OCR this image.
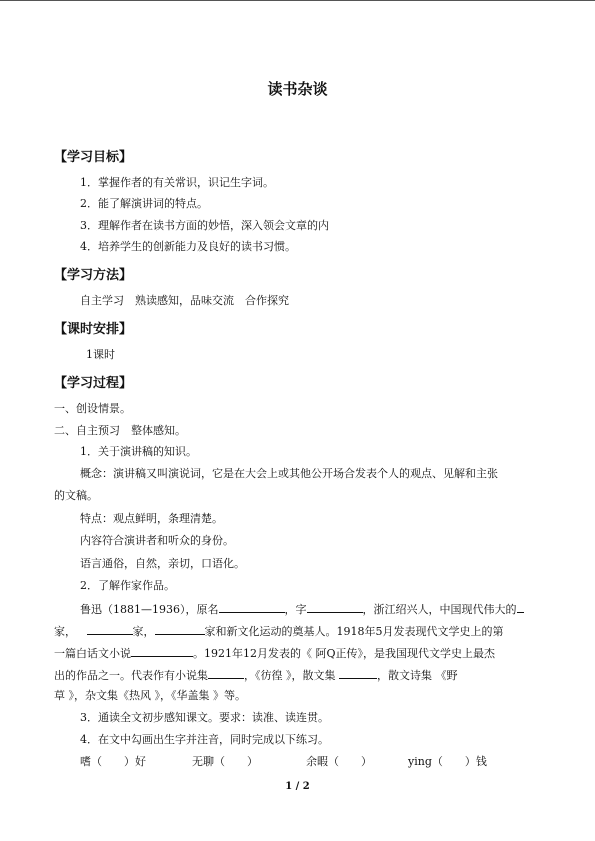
读书杂谈
【学习目标】
1．掌握作者的有关常识，识记生字词。
2．能了解演讲词的特点。
3．理解作者在读书方面的妙悟，深入领会文章的内
4．培养学生的创新能力及良好的读书习惯。
【学习方法】
自主学习　熟读感知，品味交流　合作探究
【课时安排】
1课时
【学习过程】
一、创设情景。
二、自主预习　整体感知。
1．关于演讲稿的知识。
概念：演讲稿又叫演说词，它是在大会上或其他公开场合发表个人的观点、见解和主张
的文稿。
特点：观点鲜明，条理清楚。
内容符合演讲者和听众的身份。
语言通俗，自然，亲切，口语化。
2．了解作家作品。
鲁迅（1881—1936），原名	，字	，浙江绍兴人，中国现代伟大的
家，	家，	家和新文化运动的奠基人。1918年5月发表现代文学史上的第
一篇白话文小说	。1921年12月发表的《 阿Q正传》，是我国现代文学史上最杰
出的作品之一。代表作有小说集	，《彷徨 》，散文集	，散文诗集 《野
草 》，杂文集《热风 》，《华盖集 》等。
3．通读全文初步感知课文。要求：读准、读连贯。
4．在文中勾画出生字并注音，同时完成以下练习。
嗜（　　）好	无聊（　　）	余暇（　　）	ying（　　）钱
1 / 2
